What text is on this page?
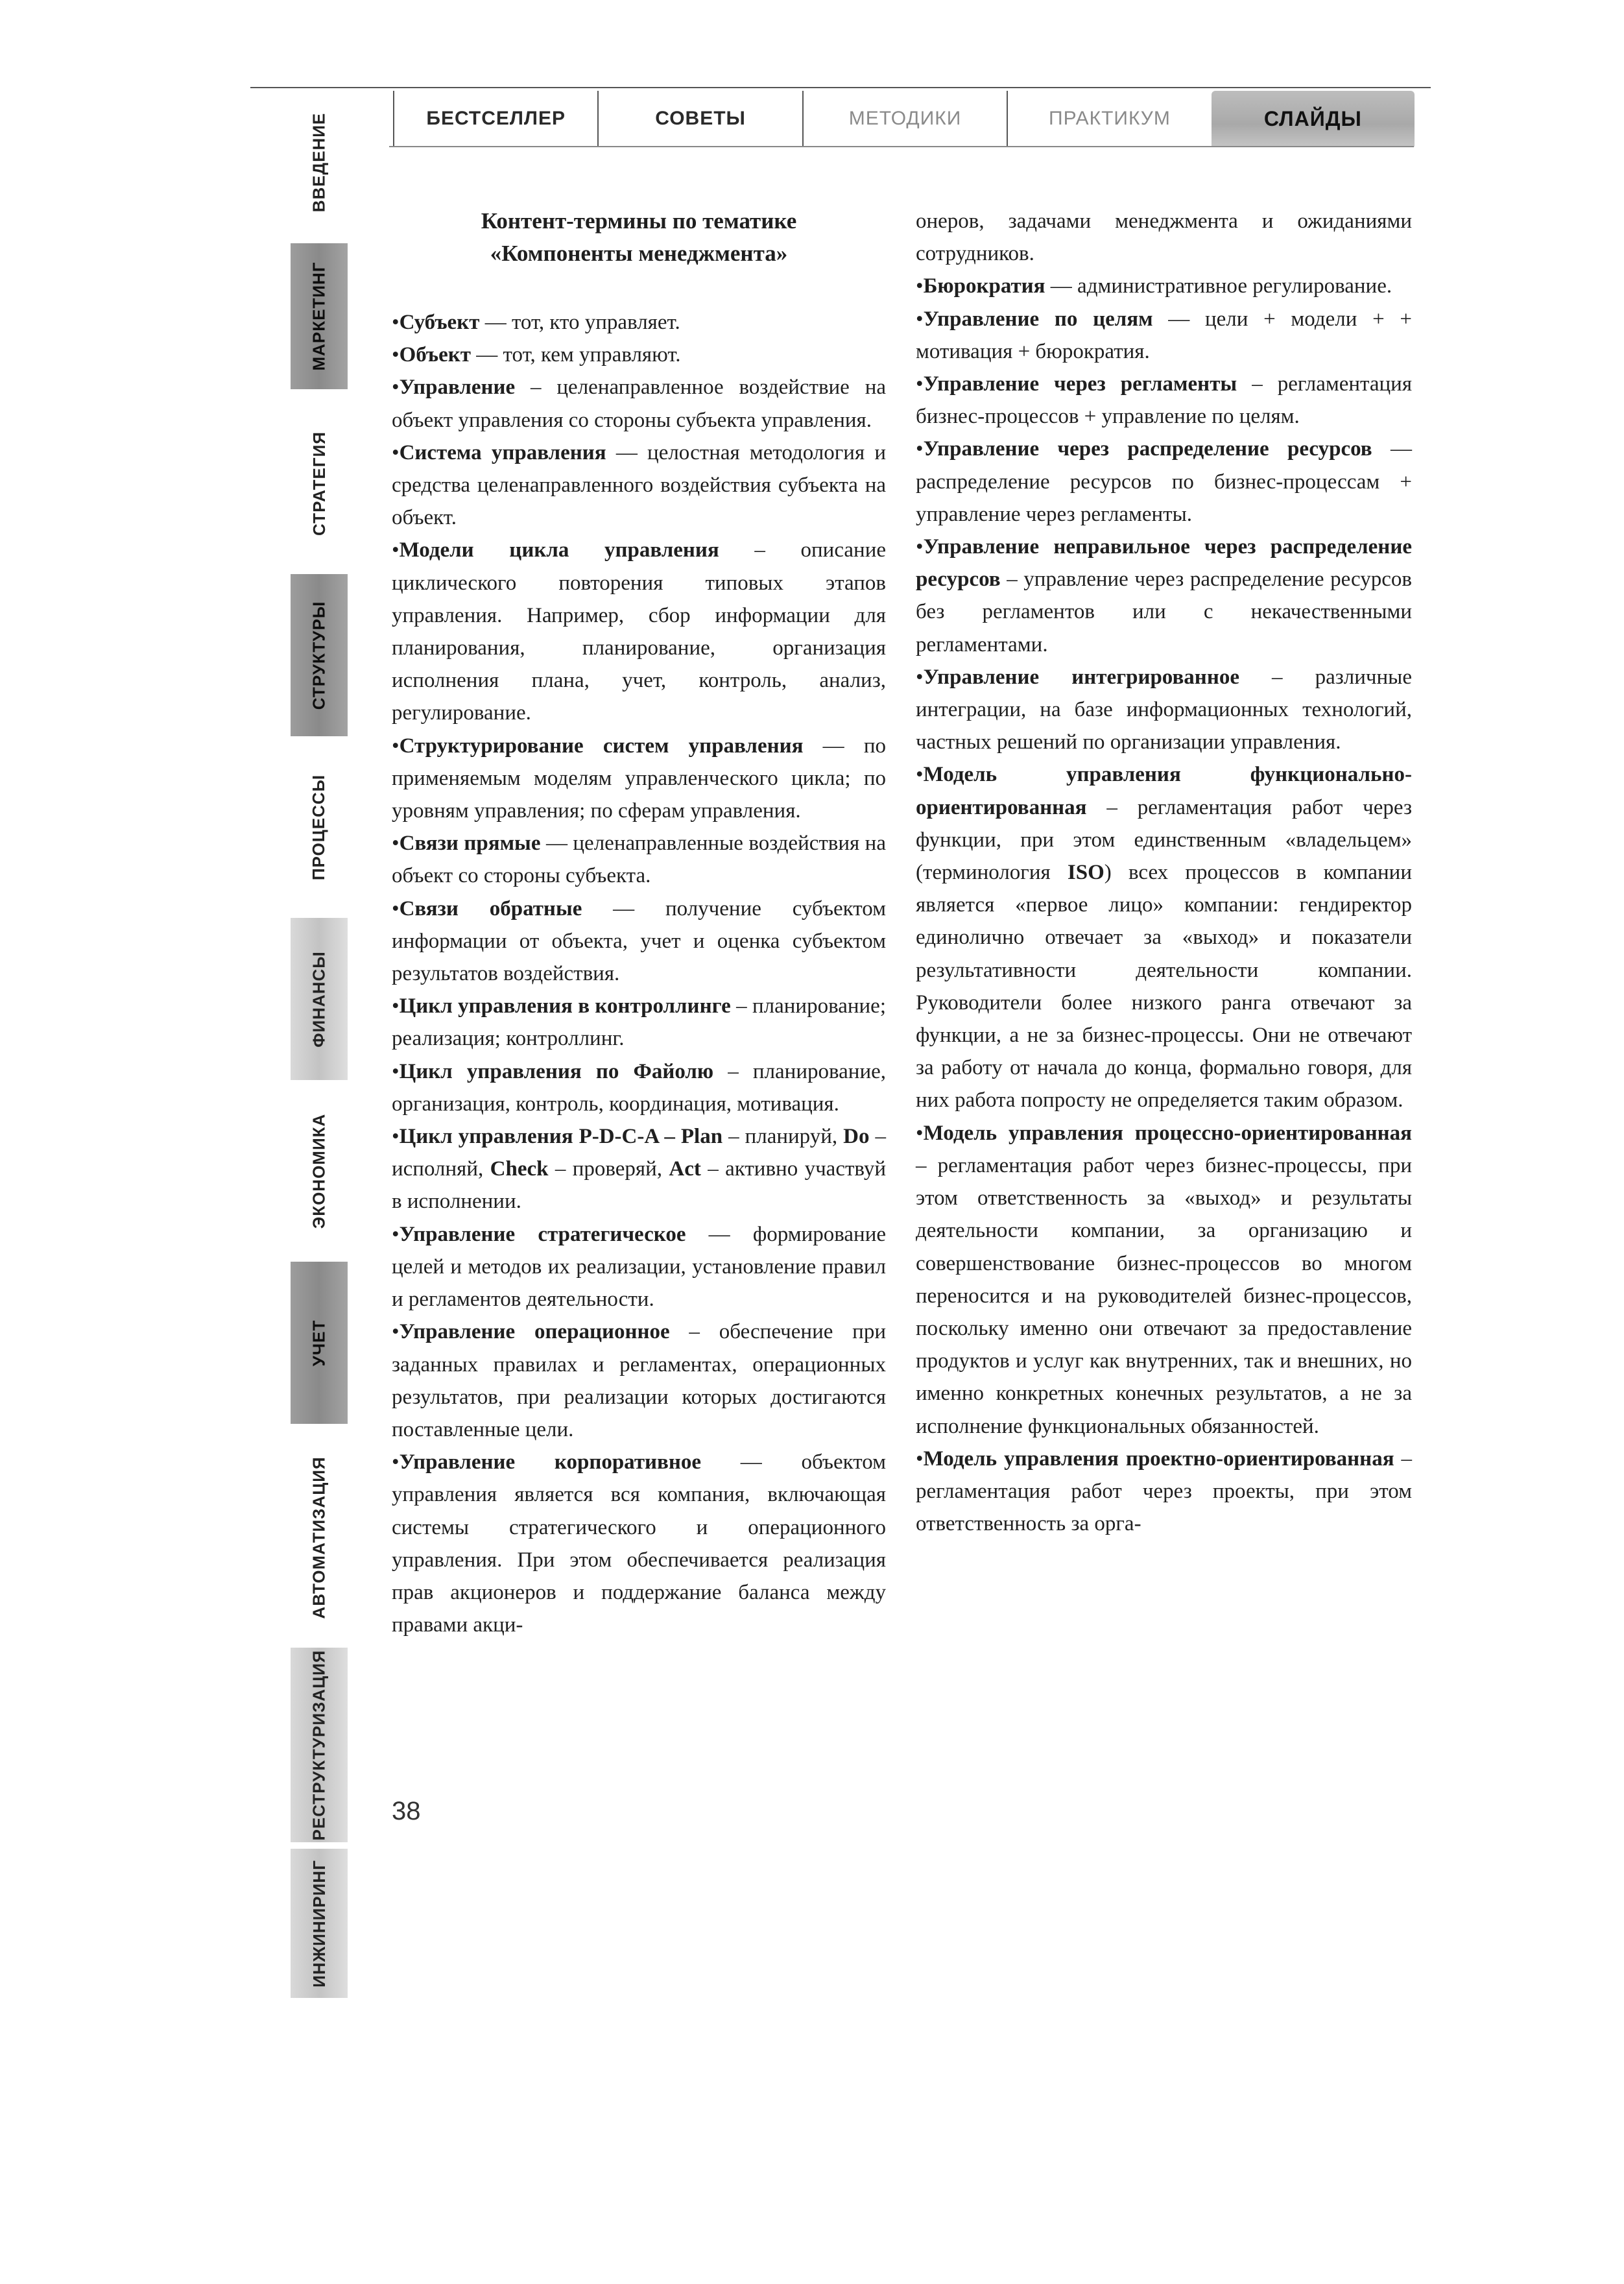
БЕСТСЕЛЛЕР	СОВЕТЫ	МЕТОДИКИ	ПРАКТИКУМ	СЛАЙДЫ
ВВЕДЕНИЕ
МАРКЕТИНГ
СТРАТЕГИЯ
СТРУКТУРЫ
ПРОЦЕССЫ
ФИНАНСЫ
ЭКОНОМИКА
УЧЕТ
АВТОМАТИЗАЦИЯ
РЕСТРУКТУРИЗАЦИЯ
ИНЖИНИРИНГ

Контент-термины по тематике
«Компоненты менеджмента»

•Субъект — тот, кто управляет.

•Объект — тот, кем управляют.

•Управление – целенаправленное воздействие на объект управления со стороны субъекта управления.

•Система управления — целостная методология и средства целенаправленного воздействия субъекта на объект.

•Модели цикла управления – описание циклического повторения типовых этапов управления. Например, сбор информации для планирования, планирование, организация исполнения плана, учет, контроль, анализ, регулирование.

•Структурирование систем управления — по применяемым моделям управленческого цикла; по уровням управления; по сферам управления.

•Связи прямые — целенаправленные воздействия на объект со стороны субъекта.

•Связи обратные — получение субъектом информации от объекта, учет и оценка субъектом результатов воздействия.

•Цикл управления в контроллинге – планирование; реализация; контроллинг.

•Цикл управления по Файолю – планирование, организация, контроль, координация, мотивация.

•Цикл управления P-D-C-A – Plan – планируй, Do – исполняй, Check – проверяй, Act – активно участвуй в исполнении.

•Управление стратегическое — формирование целей и методов их реализации, установление правил и регламентов деятельности.

•Управление операционное – обеспечение при заданных правилах и регламентах, операционных результатов, при реализации которых достигаются поставленные цели.

•Управление корпоративное — объектом управления является вся компания, включающая системы стратегического и операционного управления. При этом обеспечивается реализация прав акционеров и поддержание баланса между правами акци-

онеров, задачами менеджмента и ожиданиями сотрудников.

•Бюрократия — административное регулирование.

•Управление по целям — цели + модели + + мотивация + бюрократия.

•Управление через регламенты – регламентация бизнес-процессов + управление по целям.

•Управление через распределение ресурсов — распределение ресурсов по бизнес-процессам + управление через регламенты.

•Управление неправильное через распределение ресурсов – управление через распределение ресурсов без регламентов или с некачественными регламентами.

•Управление интегрированное – различные интеграции, на базе информационных технологий, частных решений по организации управления.

•Модель управления функционально-ориентированная – регламентация работ через функции, при этом единственным «владельцем» (терминология ISO) всех процессов в компании является «первое лицо» компании: гендиректор единолично отвечает за «выход» и показатели результативности деятельности компании. Руководители более низкого ранга отвечают за функции, а не за бизнес-процессы. Они не отвечают за работу от начала до конца, формально говоря, для них работа попросту не определяется таким образом.

•Модель управления процессно-ориентированная – регламентация работ через бизнес-процессы, при этом ответственность за «выход» и результаты деятельности компании, за организацию и совершенствование бизнес-процессов во многом переносится и на руководителей бизнес-процессов, поскольку именно они отвечают за предоставление продуктов и услуг как внутренних, так и внешних, но именно конкретных конечных результатов, а не за исполнение функциональных обязанностей.

•Модель управления проектно-ориентированная – регламентация работ через проекты, при этом ответственность за орга-

38
